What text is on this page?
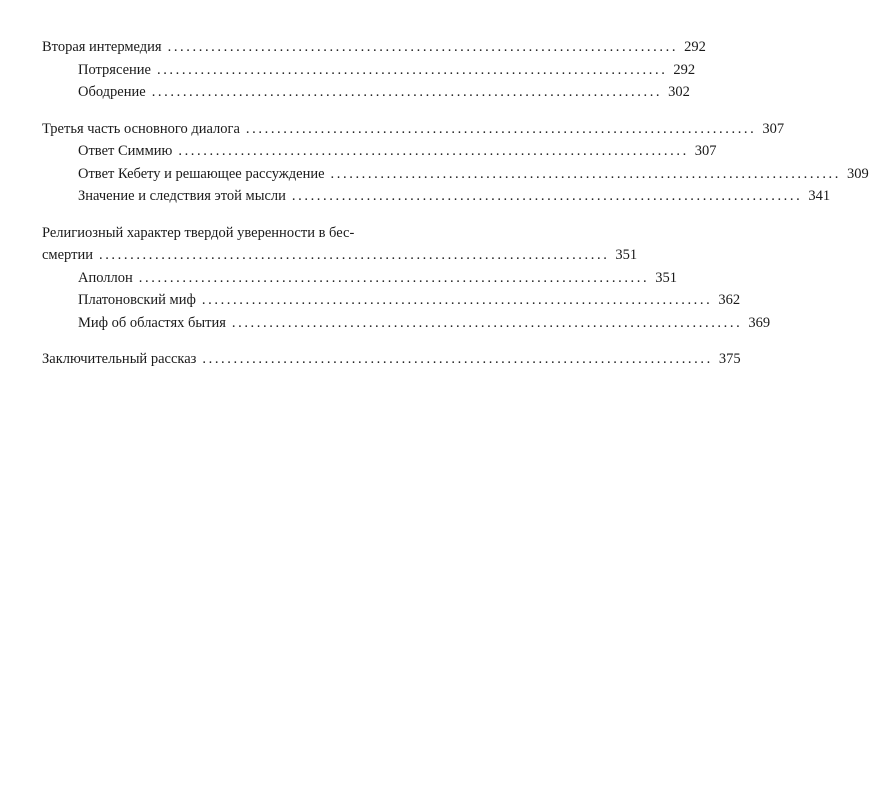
Вторая интермедия .................................................................................. 292
Потрясение .................................................................................. 292
Ободрение .................................................................................. 302
Третья часть основного диалога .................................................................................. 307
Ответ Симмию .................................................................................. 307
Ответ Кебету и решающее рассуждение .................................................................................. 309
Значение и следствия этой мысли .................................................................................. 341
Религиозный характер твердой уверенности в бес-
смертии .................................................................................. 351
Аполлон .................................................................................. 351
Платоновский миф .................................................................................. 362
Миф об областях бытия .................................................................................. 369
Заключительный рассказ .................................................................................. 375
